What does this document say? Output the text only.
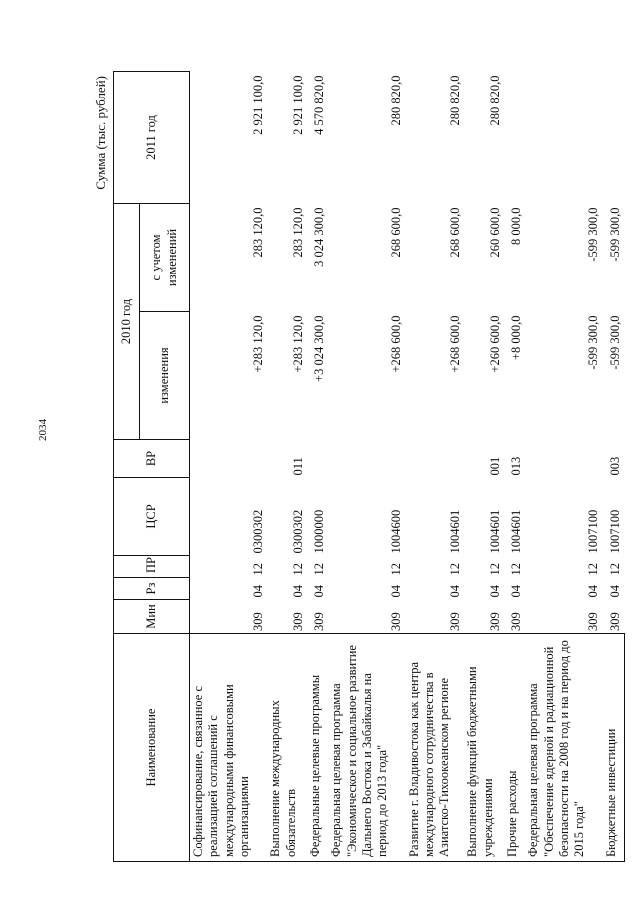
2034
Сумма (тыс. рублей)
Наименование	Мин	Рз	ПР	ЦСР	ВР	2010 год		2011 год
						изменения	с учетом изменений	
Софинансирование, связанное с реализацией соглашений с международными финансовыми организациями	309	04	12	0300302		+283 120,0	283 120,0	2 921 100,0
Выполнение международных обязательств	309	04	12	0300302	011	+283 120,0	283 120,0	2 921 100,0
Федеральные целевые программы	309	04	12	1000000		+3 024 300,0	3 024 300,0	4 570 820,0
Федеральная целевая программа "Экономическое и социальное развитие Дальнего Востока и Забайкалья на период до 2013 года"	309	04	12	1004600		+268 600,0	268 600,0	280 820,0
Развитие г. Владивостока как центра международного сотрудничества в Азиатско-Тихоокеанском регионе	309	04	12	1004601		+268 600,0	268 600,0	280 820,0
Выполнение функций бюджетными учреждениями	309	04	12	1004601	001	+260 600,0	260 600,0	280 820,0
Прочие расходы	309	04	12	1004601	013	+8 000,0	8 000,0	
Федеральная целевая программа "Обеспечение ядерной и радиационной безопасности на 2008 год и на период до 2015 года"	309	04	12	1007100		-599 300,0	-599 300,0	
Бюджетные инвестиции	309	04	12	1007100	003	-599 300,0	-599 300,0	
